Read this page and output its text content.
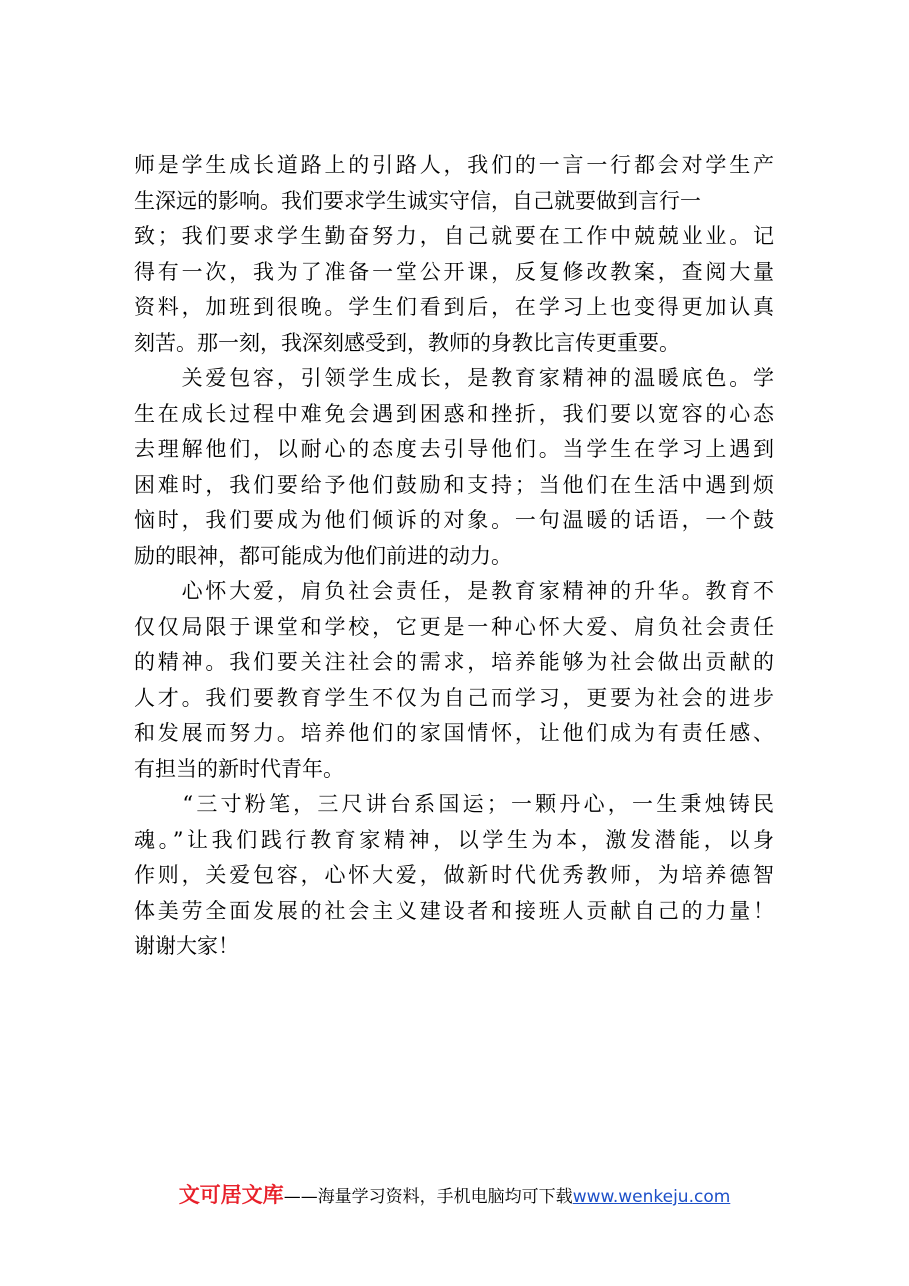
师是学生成长道路上的引路人，我们的一言一行都会对学生产
生深远的影响。我们要求学生诚实守信，自己就要做到言行一
致；我们要求学生勤奋努力，自己就要在工作中兢兢业业。记
得有一次，我为了准备一堂公开课，反复修改教案，查阅大量
资料，加班到很晚。学生们看到后，在学习上也变得更加认真
刻苦。那一刻，我深刻感受到，教师的身教比言传更重要。
　　关爱包容，引领学生成长，是教育家精神的温暖底色。学
生在成长过程中难免会遇到困惑和挫折，我们要以宽容的心态
去理解他们，以耐心的态度去引导他们。当学生在学习上遇到
困难时，我们要给予他们鼓励和支持；当他们在生活中遇到烦
恼时，我们要成为他们倾诉的对象。一句温暖的话语，一个鼓
励的眼神，都可能成为他们前进的动力。
　　心怀大爱，肩负社会责任，是教育家精神的升华。教育不
仅仅局限于课堂和学校，它更是一种心怀大爱、肩负社会责任
的精神。我们要关注社会的需求，培养能够为社会做出贡献的
人才。我们要教育学生不仅为自己而学习，更要为社会的进步
和发展而努力。培养他们的家国情怀，让他们成为有责任感、
有担当的新时代青年。
　　“三寸粉笔，三尺讲台系国运；一颗丹心，一生秉烛铸民
魂。”让我们践行教育家精神，以学生为本，激发潜能，以身
作则，关爱包容，心怀大爱，做新时代优秀教师，为培养德智
体美劳全面发展的社会主义建设者和接班人贡献自己的力量！
谢谢大家！
文可居文库——海量学习资料，手机电脑均可下载www.wenkeju.com
